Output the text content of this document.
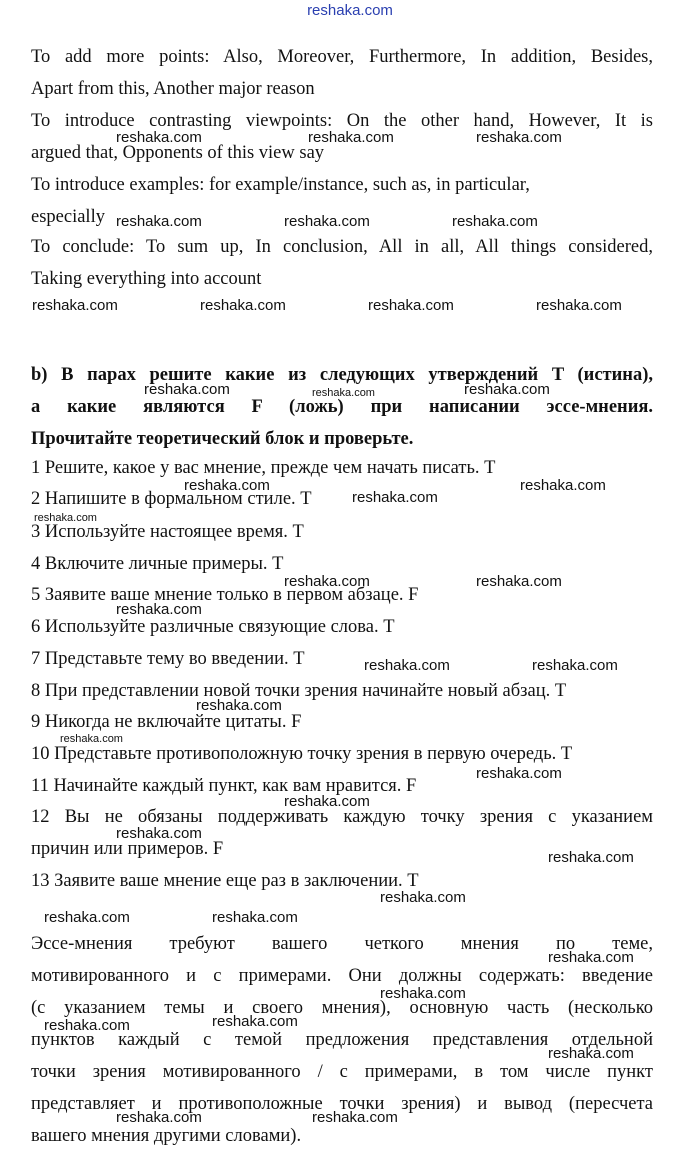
reshaka.com
To add more points: Also, Moreover, Furthermore, In addition, Besides,
Apart from this, Another major reason
To introduce contrasting viewpoints: On the other hand, However, It is
argued that, Opponents of this view say
To introduce examples: for example/instance, such as, in particular,
especially
To conclude: To sum up, In conclusion, All in all, All things considered,
Taking everything into account
b) В парах решите какие из следующих утверждений T (истина),
а какие являются F (ложь) при написании эссе-мнения.
Прочитайте теоретический блок и проверьте.
1 Решите, какое у вас мнение, прежде чем начать писать. T
2 Напишите в формальном стиле. T
3 Используйте настоящее время. T
4 Включите личные примеры. T
5 Заявите ваше мнение только в первом абзаце. F
6 Используйте различные связующие слова. T
7 Представьте тему во введении. T
8 При представлении новой точки зрения начинайте новый абзац. T
9 Никогда не включайте цитаты. F
10 Представьте противоположную точку зрения в первую очередь. T
11 Начинайте каждый пункт, как вам нравится. F
12 Вы не обязаны поддерживать каждую точку зрения с указанием
причин или примеров. F
13 Заявите ваше мнение еще раз в заключении. T
Эссе-мнения требуют вашего четкого мнения по теме,
мотивированного и с примерами. Они должны содержать: введение
(с указанием темы и своего мнения), основную часть (несколько
пунктов каждый с темой предложения представления отдельной
точки зрения мотивированного / с примерами, в том числе пункт
представляет и противоположные точки зрения) и вывод (пересчета
вашего мнения другими словами).
reshaka.com	reshaka.com	reshaka.com
reshaka.com	reshaka.com	reshaka.com
reshaka.com	reshaka.com	reshaka.com	reshaka.com
reshaka.com	reshaka.com	reshaka.com
reshaka.com
reshaka.com
reshaka.com
reshaka.com
reshaka.com	reshaka.com
reshaka.com
reshaka.com	reshaka.com
reshaka.com
reshaka.com
reshaka.com
reshaka.com
reshaka.com
reshaka.com
reshaka.com
reshaka.com	reshaka.com
reshaka.com
reshaka.com
reshaka.com	reshaka.com
reshaka.com
reshaka.com	reshaka.com
